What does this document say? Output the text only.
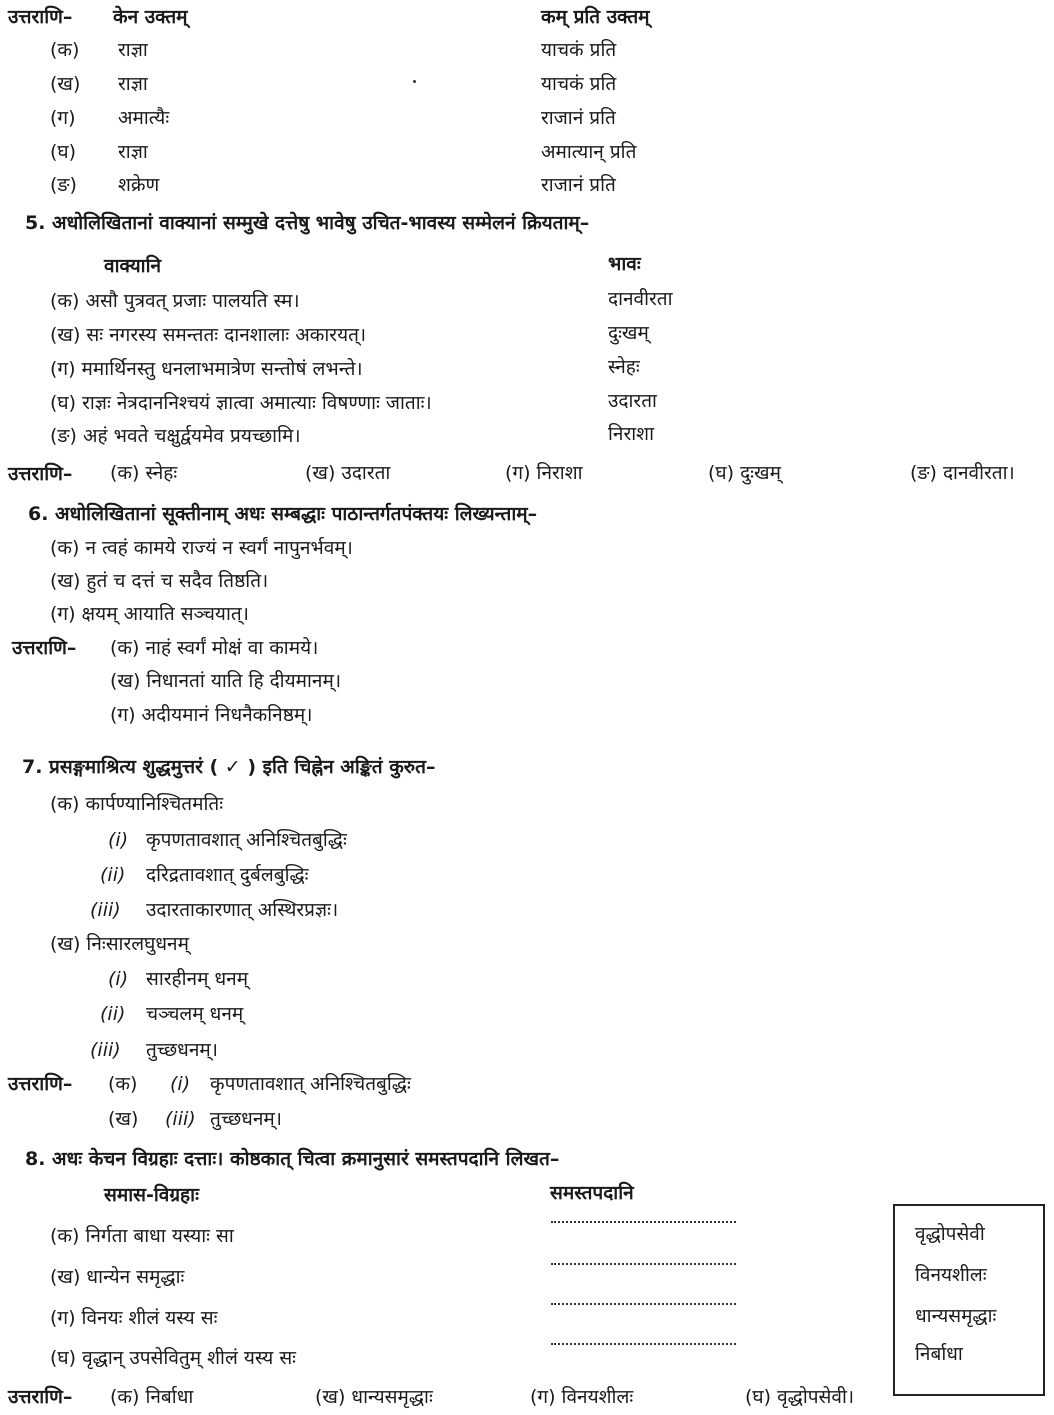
उत्तराणि– केन उक्तम्	कम् प्रति उक्तम्
(क) राज्ञा	याचकं प्रति
(ख) राज्ञा	याचकं प्रति
(ग) अमात्यैः	राजानं प्रति
(घ) राज्ञा	अमात्यान् प्रति
(ङ) शक्रेण	राजानं प्रति
5. अधोलिखितानां वाक्यानां सम्मुखे दत्तेषु भावेषु उचित-भावस्य सम्मेलनं क्रियताम्–
वाक्यानि	भावः
(क) असौ पुत्रवत् प्रजाः पालयति स्म।	दानवीरता
(ख) सः नगरस्य समन्ततः दानशालाः अकारयत्।	दुःखम्
(ग) ममार्थिनस्तु धनलाभमात्रेण सन्तोषं लभन्ते।	स्नेहः
(घ) राज्ञः नेत्रदाननिश्चयं ज्ञात्वा अमात्याः विषण्णाः जाताः।	उदारता
(ङ) अहं भवते चक्षुर्द्वयमेव प्रयच्छामि।	निराशा
उत्तराणि– (क) स्नेहः	(ख) उदारता	(ग) निराशा	(घ) दुःखम्	(ङ) दानवीरता।
6. अधोलिखितानां सूक्तीनाम् अधः सम्बद्धाः पाठान्तर्गतपंक्तयः लिख्यन्ताम्–
(क) न त्वहं कामये राज्यं न स्वर्गं नापुनर्भवम्।
(ख) हुतं च दत्तं च सदैव तिष्ठति।
(ग) क्षयम् आयाति सञ्चयात्।
उत्तराणि– (क) नाहं स्वर्गं मोक्षं वा कामये।
(ख) निधानतां याति हि दीयमानम्।
(ग) अदीयमानं निधनैकनिष्ठम्।
7. प्रसङ्गमाश्रित्य शुद्धमुत्तरं ( ✓ ) इति चिह्नेन अङ्कितं कुरुत–
(क) कार्पण्यानिश्चितमतिः
(i) कृपणतावशात् अनिश्चितबुद्धिः
(ii) दरिद्रतावशात् दुर्बलबुद्धिः
(iii) उदारताकारणात् अस्थिरप्रज्ञः।
(ख) निःसारलघुधनम्
(i) सारहीनम् धनम्
(ii) चञ्चलम् धनम्
(iii) तुच्छधनम्।
उत्तराणि– (क) (i) कृपणतावशात् अनिश्चितबुद्धिः
(ख) (iii) तुच्छधनम्।
8. अधः केचन विग्रहाः दत्ताः। कोष्ठकात् चित्वा क्रमानुसारं समस्तपदानि लिखत–
समास-विग्रहाः	समस्तपदानि
(क) निर्गता बाधा यस्याः सा
(ख) धान्येन समृद्धाः
(ग) विनयः शीलं यस्य सः
(घ) वृद्धान् उपसेवितुम् शीलं यस्य सः
वृद्धोपसेवी
विनयशीलः
धान्यसमृद्धाः
निर्बाधा
उत्तराणि– (क) निर्बाधा	(ख) धान्यसमृद्धाः	(ग) विनयशीलः	(घ) वृद्धोपसेवी।
